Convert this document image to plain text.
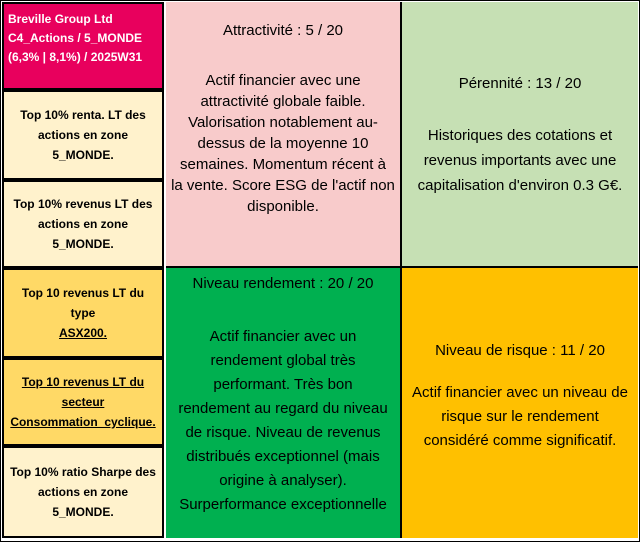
Breville Group Ltd
C4_Actions / 5_MONDE
(6,3% | 8,1%) / 2025W31
Top 10% renta. LT des
actions en zone 5_MONDE.
Top 10% revenus LT des
actions en zone 5_MONDE.
Top 10 revenus LT du type
ASX200.
Top 10 revenus LT du
secteur
Consommation_cyclique.
Top 10% ratio Sharpe des
actions en zone 5_MONDE.
Attractivité : 5 / 20
Actif financier avec une
attractivité globale faible.
Valorisation notablement au-
dessus de la moyenne 10
semaines. Momentum récent à
la vente. Score ESG de l'actif non
disponible.
Pérennité : 13 / 20
Historiques des cotations et
revenus importants avec une
capitalisation d'environ 0.3 G€.
Niveau rendement : 20 / 20
Actif financier avec un
rendement global très
performant. Très bon
rendement au regard du niveau
de risque. Niveau de revenus
distribués exceptionnel (mais
origine à analyser).
Surperformance exceptionnelle
Niveau de risque : 11 / 20
Actif financier avec un niveau de
risque sur le rendement
considéré comme significatif.
